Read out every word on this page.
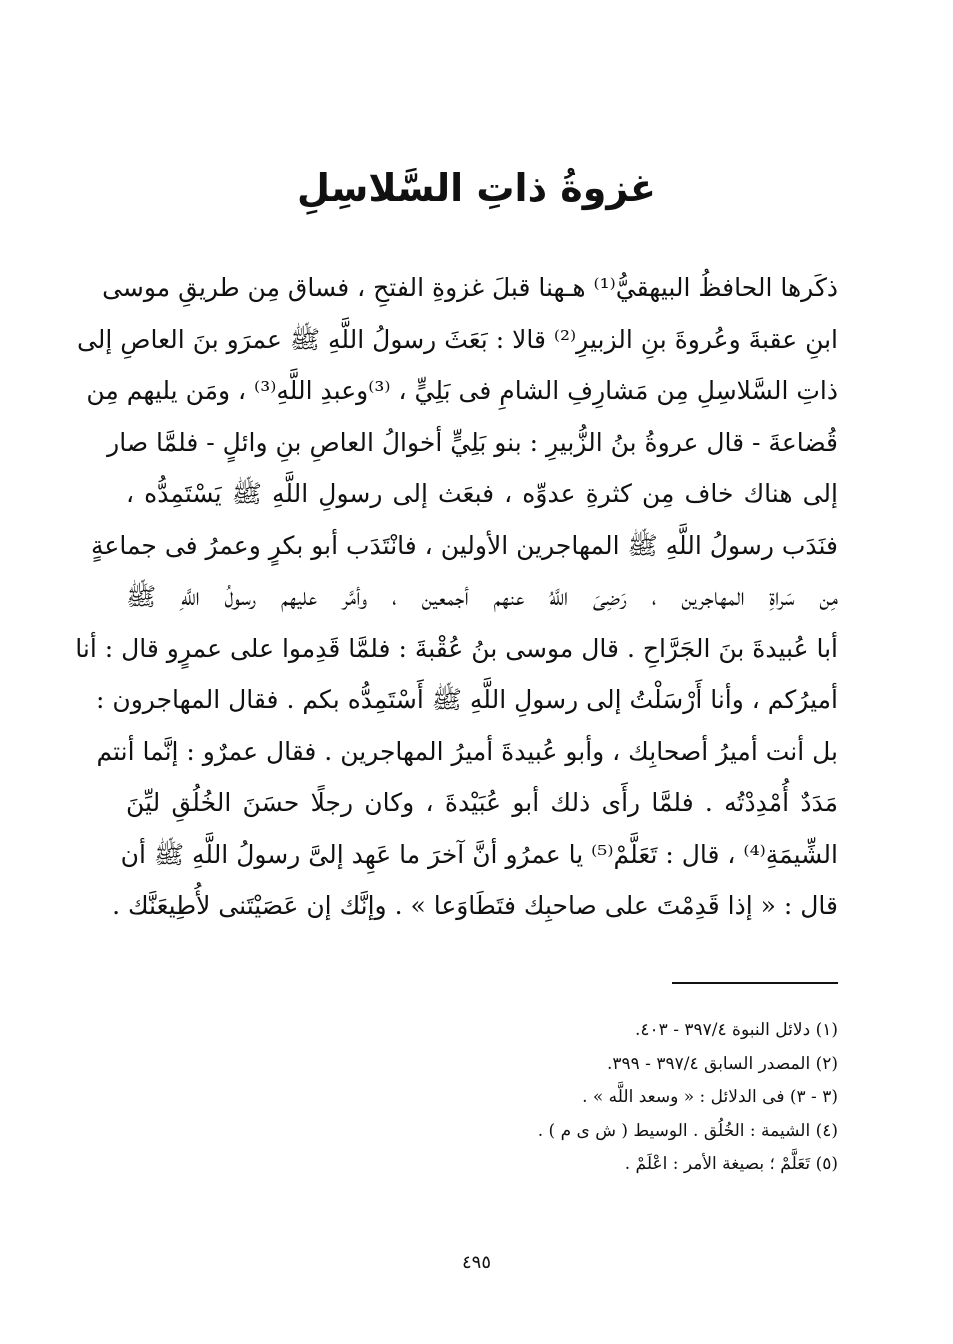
غزوةُ ذاتِ السَّلاسِلِ
ذكَرها الحافظُ البيهقيُّ⁽¹⁾ هـهنا قبلَ غزوةِ الفتحِ ، فساق مِن طريقِ موسى
ابنِ عقبةَ وعُروةَ بنِ الزبيرِ⁽²⁾ قالا : بَعَثَ رسولُ اللَّهِ ﷺ عمرَو بنَ العاصِ إلى
ذاتِ السَّلاسِلِ مِن مَشارِفِ الشامِ فى بَلِيٍّ ، ⁽³⁾وعبدِ اللَّهِ⁽³⁾ ، ومَن يليهم مِن
قُضاعةَ - قال عروةُ بنُ الزُّبيرِ : بنو بَلِيٍّ أخوالُ العاصِ بنِ وائلٍ - فلمَّا صار
إلى هناك خاف مِن كثرةِ عدوِّه ، فبعَث إلى رسولِ اللَّهِ ﷺ يَسْتَمِدُّه ،
فنَدَب رسولُ اللَّهِ ﷺ المهاجرين الأولين ، فانْتَدَب أبو بكرٍ وعمرُ فى جماعةٍ
مِن سَراةِ المهاجرين ، رَضِىَ اللَّهُ عنهم أجمعين ، وأمَّر عليهم رسولُ اللَّهِ ﷺ
أبا عُبيدةَ بنَ الجَرَّاحِ . قال موسى بنُ عُقْبةَ : فلمَّا قَدِموا على عمرٍو قال : أنا
أميرُكم ، وأنا أَرْسَلْتُ إلى رسولِ اللَّهِ ﷺ أَسْتَمِدُّه بكم . فقال المهاجرون :
بل أنت أميرُ أصحابِك ، وأبو عُبيدةَ أميرُ المهاجرين . فقال عمرٌو : إنَّما أنتم
مَدَدٌ أُمْدِدْتُه . فلمَّا رأَى ذلك أبو عُبَيْدةَ ، وكان رجلًا حسَنَ الخُلُقِ ليِّنَ
الشِّيمَةِ⁽⁴⁾ ، قال : تَعَلَّمْ⁽⁵⁾ يا عمرُو أنَّ آخرَ ما عَهِد إلىَّ رسولُ اللَّهِ ﷺ أن
قال : « إذا قَدِمْتَ على صاحبِك فتَطَاوَعا » . وإنَّك إن عَصَيْتَنى لأُطِيعَنَّك .
(١) دلائل النبوة ٣٩٧/٤ - ٤٠٣.
(٢) المصدر السابق ٣٩٧/٤ - ٣٩٩.
(٣ - ٣) فى الدلائل : « وسعد اللَّه » .
(٤) الشيمة : الخُلُق . الوسيط ( ش ى م ) .
(٥) تَعَلَّمْ ؛ بصيغة الأمر : اعْلَمْ .
٤٩٥
